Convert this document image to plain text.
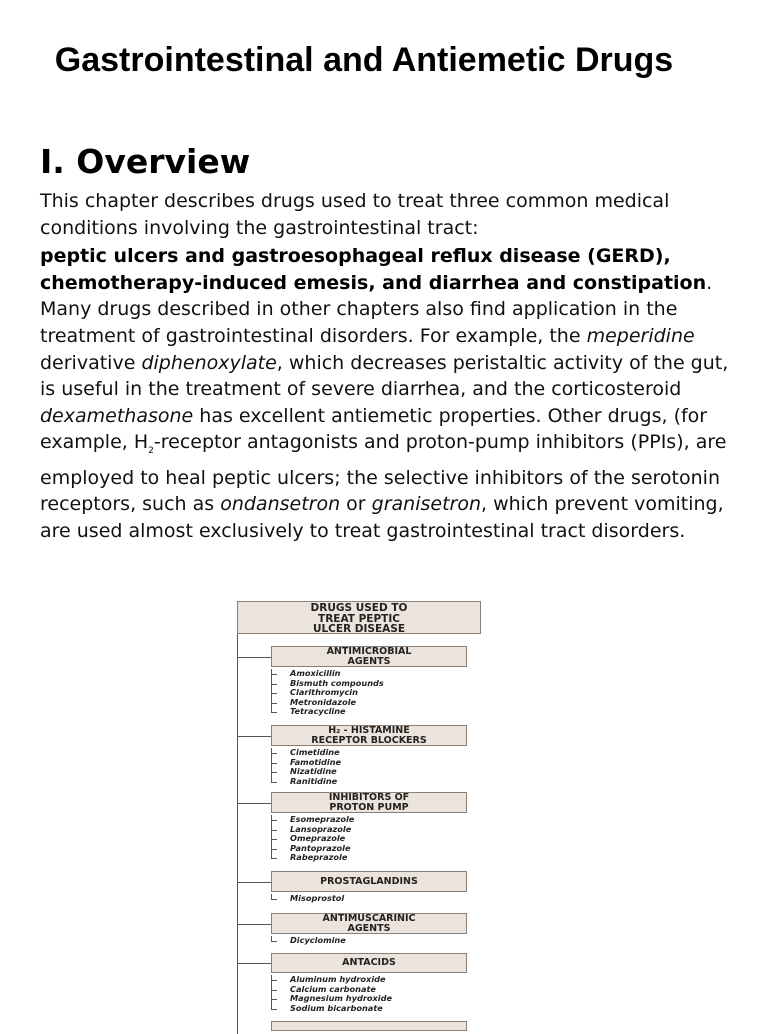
Gastrointestinal and Antiemetic Drugs
I. Overview

This chapter describes drugs used to treat three common medical conditions involving the gastrointestinal tract:

peptic ulcers and gastroesophageal reflux disease (GERD), chemotherapy-induced emesis, and diarrhea and constipation.

Many drugs described in other chapters also find application in the treatment of gastrointestinal disorders. For example, the meperidine derivative diphenoxylate, which decreases peristaltic activity of the gut, is useful in the treatment of severe diarrhea, and the corticosteroid dexamethasone has excellent antiemetic properties. Other drugs, (for example, $H_2$-receptor antagonists and proton-pump inhibitors (PPIs), are employed to heal peptic ulcers; the selective inhibitors of the serotonin receptors, such as ondansetron or granisetron, which prevent vomiting, are used almost exclusively to treat gastrointestinal tract disorders.

DRUGS USED TO
TREAT PEPTIC
ULCER DISEASE
ANTIMICROBIAL
AGENTS
Amoxicillin
Bismuth compounds
Clarithromycin
Metronidazole
Tetracycline
H₂ - HISTAMINE
RECEPTOR BLOCKERS
Cimetidine
Famotidine
Nizatidine
Ranitidine
INHIBITORS OF
PROTON PUMP
Esomeprazole
Lansoprazole
Omeprazole
Pantoprazole
Rabeprazole
PROSTAGLANDINS
Misoprostol
ANTIMUSCARINIC
AGENTS
Dicyclomine
ANTACIDS
Aluminum hydroxide
Calcium carbonate
Magnesium hydroxide
Sodium bicarbonate
